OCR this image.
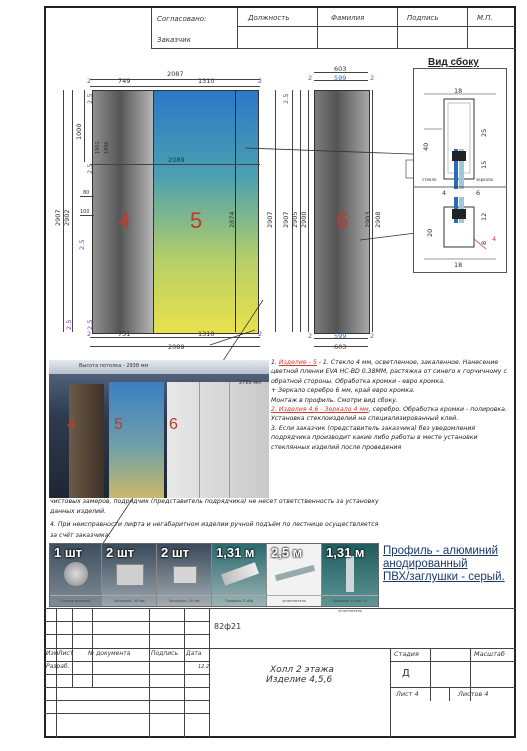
Согласовано:
Заказчик
Должность	Фамилия	Подпись	М.П.
4	5
2087
749	1310
2	2
2089
751	1310
2	2
2089
2907 2902
1000
1901 1896
2.5
2.5
2.5
2.5 2.5
80
100	2907
2874
2.5
6
603
599
599
603
2	2
2	2
2907 2905 2900	2903 2908
Вид сбоку
18
25
40
15
4	6
12
20
8 4
18
стекло	зеркало
Высота потолка - 2938 мм
2760 мм
4 5	6
1. Изделие - 5 - 1. Стекло 4 мм, осветленное, закаленное. Нанесение цветной пленки EVA HC-BD 0.38ММ, растяжка от синего к горчичному с обратной стороны. Обработка кромки - евро кромка.
+ Зеркало серебро 6 мм, край евро кромка.
Монтаж в профиль. Смотри вид сбоку.
2. Изделия 4,6 - Зеркало 4 мм, серебро. Обработка кромки - полировка. Установка стеклоизделий на специализированный клей.
3. Если заказчик (представитель заказчика) без уведомления подрядчика производит какие либо работы в месте установки стеклянных изделий после проведения
чистовых замеров, подрядчик (представитель подрядчика) не несет ответственность за установку
данных изделий.
4. При неисправности лифта и негабаритном изделии ручной подъём по лестнице осуществляется
за счёт заказчика.
1 шт
Стопор дверной
2 шт
Заглушка, 40 мм
2 шт
Заглушка, 18 мм
1,31 м
Профиль П-обр
2,5 м
уплотнитель
1,31 м
Профиль 40 мм +2 уплотнитель
Профиль - алюминий
анодированный
ПВХ/заглушки - серый.
82ф21
Изм Лист № документа	Подпись Дата
Разраб.	12.2	Холл 2 этажа
Изделие 4,5,6
Стадия
Д
Масштаб
Лист 4	Листов 4
